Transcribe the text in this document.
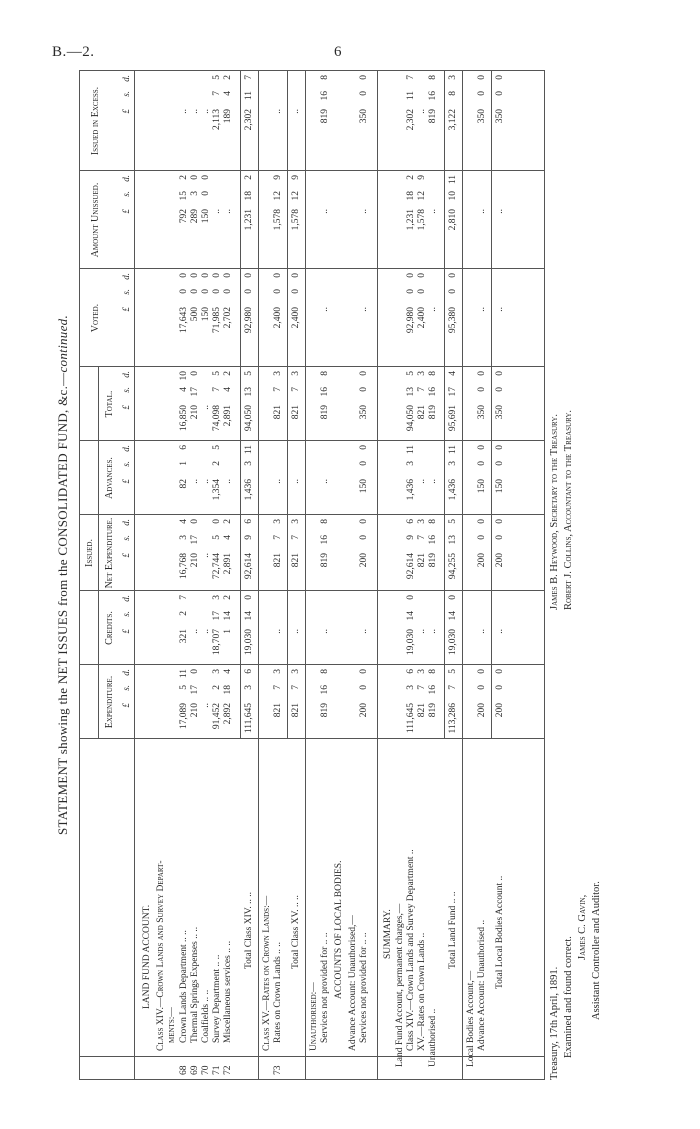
B.—2.	6
STATEMENT showing the NET ISSUES from the CONSOLIDATED FUND, &c.—continued.
Issued.
Expenditure.
Credits.
Net Expenditure.
Advances.
Total.
Voted.
Amount Unissued.
Issued in Excess.
£
s.
d.
£
s.
d.
£
s.
d.
£
s.
d.
£
s.
d.
£
s.
d.
£
s.
d.
£
s.
d.
LAND FUND ACCOUNT. Class XIV.—Crown Lands and Survey Depart- ments:—
68
Crown Lands Department .. ..
17,089
5
11
321
2
7
16,768
3
4
82
1
6
16,850
4
10
17,643
0
0
792
15
2
..
69
Thermal Springs Expenses .. ..
210
17
0
..
210
17
0
..
210
17
0
500
0
0
289
3
0
..
70
Coalfields .. ..
..
..
..
..
..
150
0
0
150
0
0
..
71
Survey Department .. ..
91,452
2
3
18,707
17
3
72,744
5
0
1,354
2
5
74,098
7
5
71,985
0
0
..
2,113
7
5
72
Miscellaneous services .. ..
2,892
18
4
1
14
2
2,891
4
2
..
2,891
4
2
2,702
0
0
..
189
4
2
Total Class XIV. .. ..
111,645
3
6
19,030
14
0
92,614
9
6
1,436
3
11
94,050
13
5
92,980
0
0
1,231
18
2
2,302
11
7
Class XV.—Rates on Crown Lands:—
73
Rates on Crown Lands .. ..
821
7
3
..
821
7
3
..
821
7
3
2,400
0
0
1,578
12
9
..
Total Class XV. .. ..
821
7
3
..
821
7
3
..
821
7
3
2,400
0
0
1,578
12
9
..
Unauthorised:— Services not provided for .. ..
819
16
8
..
819
16
8
..
819
16
8
..
..
819
16
8
ACCOUNTS OF LOCAL BODIES. Advance Account: Unauthorised,— Services not provided for .. ..
200
0
0
..
200
0
0
150
0
0
350
0
0
..
..
350
0
0
SUMMARY. Land Fund Account, permanent charges,— Class XIV.—Crown Lands and Survey Department ..
111,645
3
6
19,030
14
0
92,614
9
6
1,436
3
11
94,050
13
5
92,980
0
0
1,231
18
2
2,302
11
7
XV.—Rates on Crown Lands ..
821
7
3
..
821
7
3
..
821
7
3
2,400
0
0
1,578
12
9
..
Unauthorised ..
819
16
8
..
819
16
8
..
819
16
8
..
..
819
16
8
Total Land Fund .. ..
113,286
7
5
19,030
14
0
94,255
13
5
1,436
3
11
95,691
17
4
95,380
0
0
2,810
10
11
3,122
8
3
Local Bodies Account,— Advance Account: Unauthorised ..
200
0
0
..
200
0
0
150
0
0
350
0
0
..
..
350
0
0
Total Local Bodies Account ..
200
0
0
..
200
0
0
150
0
0
350
0
0
..
..
350
0
0
Treasury, 17th April, 1891. Examined and found correct.
James C. Gavin, Assistant Controller and Auditor.
James B. Heywood, Secretary to the Treasury. Robert J. Collins, Accountant to the Treasury.
